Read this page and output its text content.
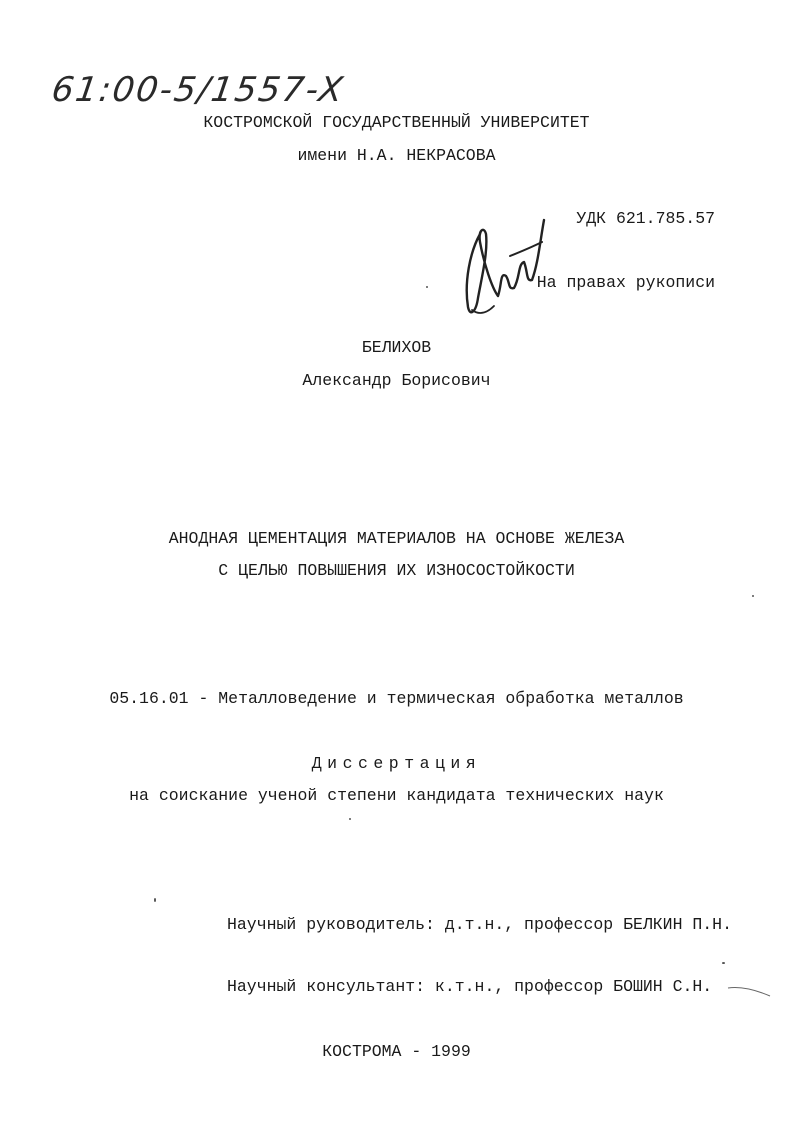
61:00-5/1557-X
КОСТРОМСКОЙ ГОСУДАРСТВЕННЫЙ УНИВЕРСИТЕТ
имени Н.А. НЕКРАСОВА
УДК 621.785.57
На правах рукописи
БЕЛИХОВ
Александр Борисович
АНОДНАЯ ЦЕМЕНТАЦИЯ МАТЕРИАЛОВ НА ОСНОВЕ ЖЕЛЕЗА
С ЦЕЛЬЮ ПОВЫШЕНИЯ ИХ ИЗНОСОСТОЙКОСТИ
05.16.01 - Металловедение и термическая обработка металлов
Диссертация
на соискание ученой степени кандидата технических наук
Научный руководитель: д.т.н., профессор БЕЛКИН П.Н.
Научный консультант: к.т.н., профессор БОШИН С.Н.
КОСТРОМА - 1999
